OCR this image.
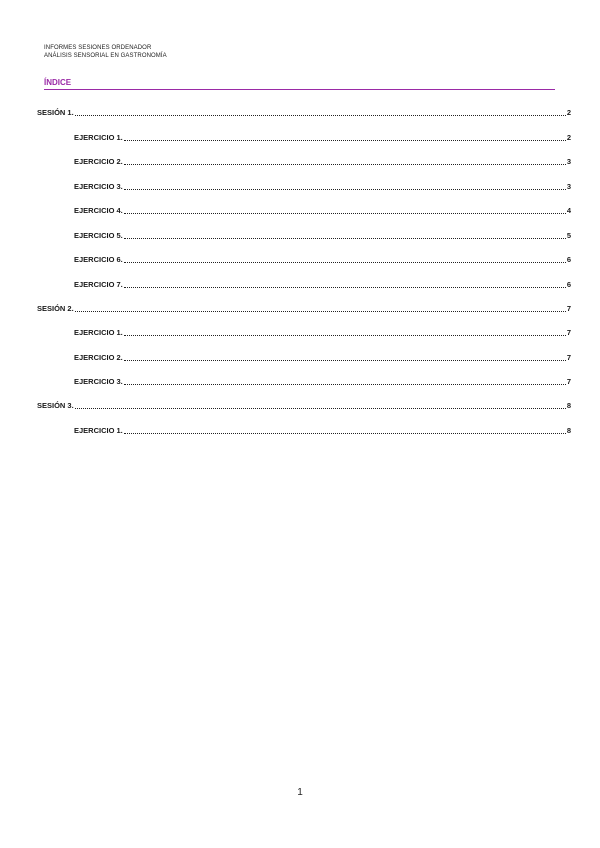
INFORMES SESIONES ORDENADOR
ANÁLISIS SENSORIAL EN GASTRONOMÍA
ÍNDICE
SESIÓN 1.	2
EJERCICIO 1.	2
EJERCICIO 2.	3
EJERCICIO 3.	3
EJERCICIO 4.	4
EJERCICIO 5.	5
EJERCICIO 6.	6
EJERCICIO 7.	6
SESIÓN 2.	7
EJERCICIO 1.	7
EJERCICIO 2.	7
EJERCICIO 3.	7
SESIÓN 3.	8
EJERCICIO 1.	8
1
